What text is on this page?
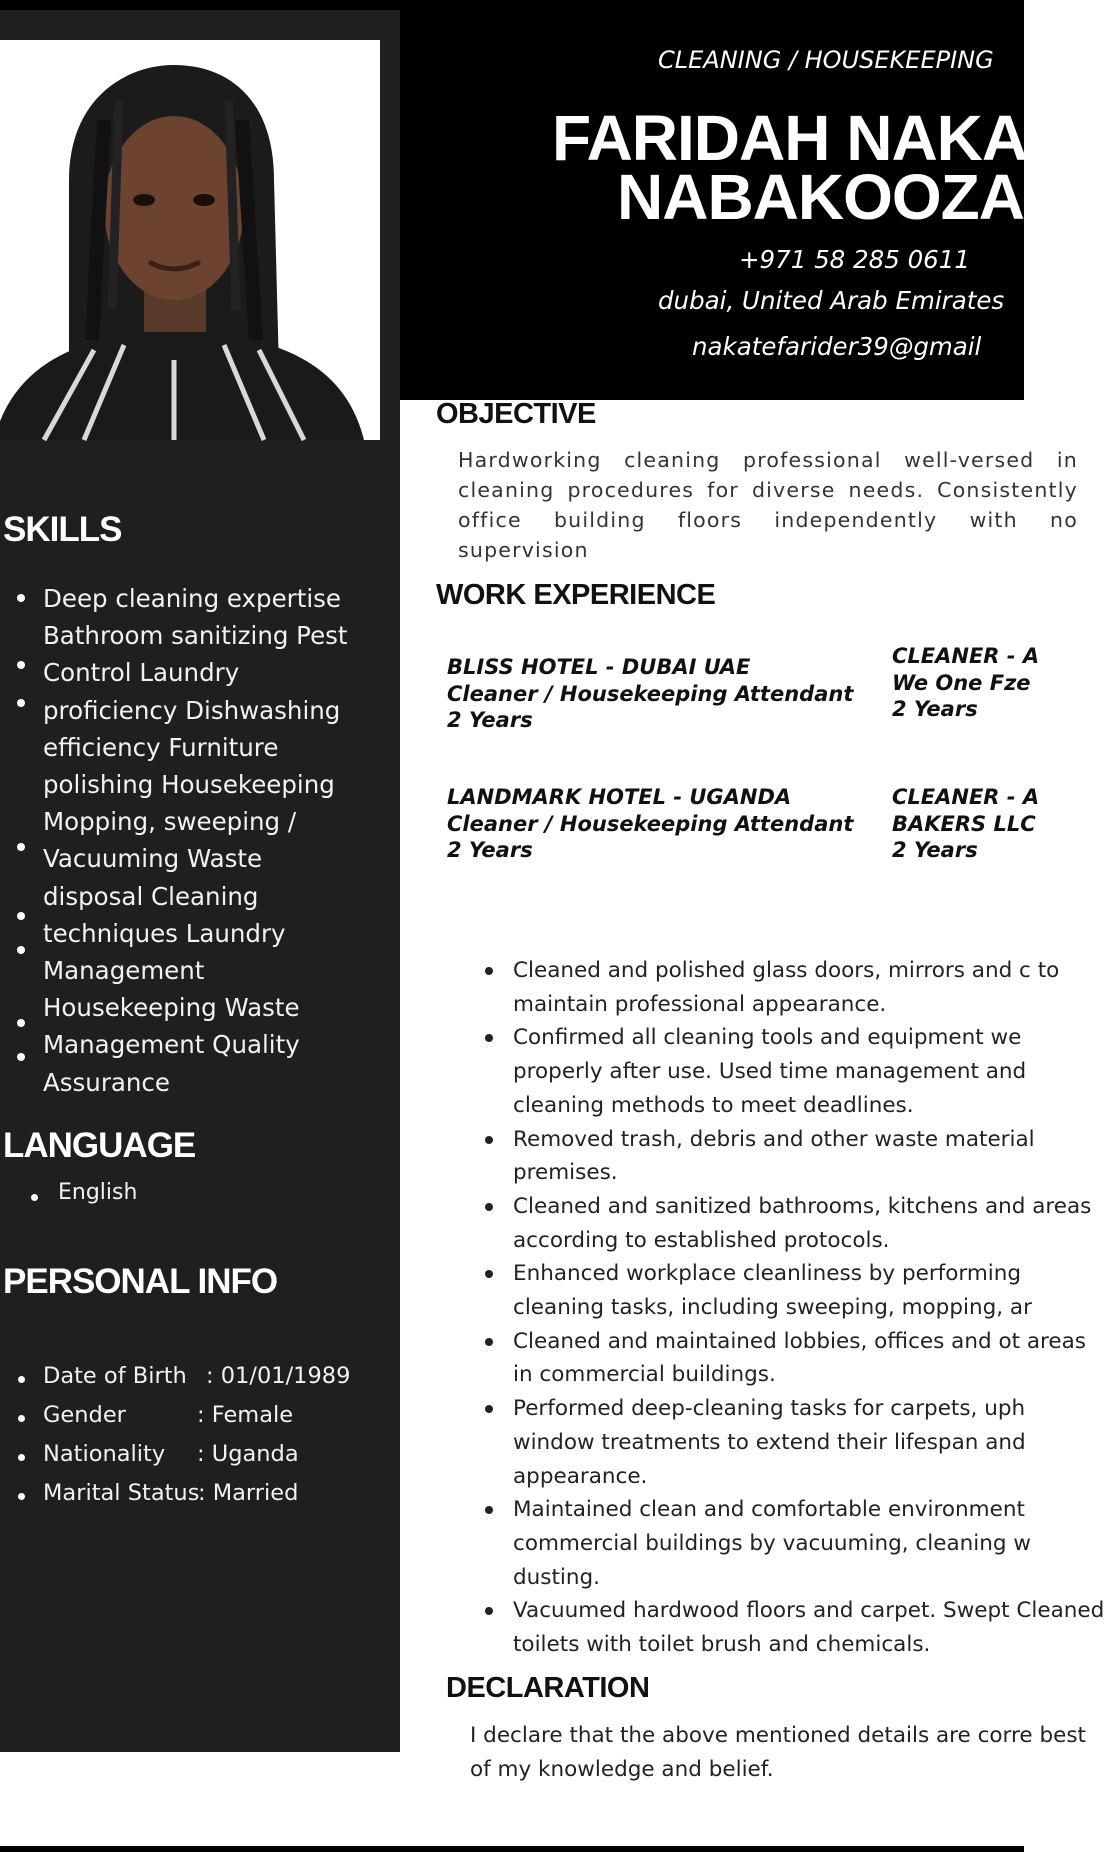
SKILLS
Deep cleaning expertise
Bathroom sanitizing Pest
Control Laundry
proficiency Dishwashing
efficiency Furniture
polishing Housekeeping
Mopping, sweeping /
Vacuuming Waste
disposal Cleaning
techniques Laundry
Management
Housekeeping Waste
Management Quality
Assurance
LANGUAGE
English
PERSONAL INFO
Date of Birth : 01/01/1989
Gender	: Female
Nationality : Uganda
Marital Status: Married
CLEANING / HOUSEKEEPING
FARIDAH NAKA
NABAKOOZA
+971 58 285 0611
dubai, United Arab Emirates
nakatefarider39@gmail
OBJECTIVE
Hardworking cleaning professional well-versed in cleaning procedures for diverse needs. Consistently office building floors independently with no supervision
WORK EXPERIENCE
BLISS HOTEL - DUBAI UAE
Cleaner / Housekeeping Attendant
2 Years
CLEANER - A
We One Fze
2 Years
LANDMARK HOTEL - UGANDA
Cleaner / Housekeeping Attendant
2 Years
CLEANER - A
BAKERS LLC
2 Years
Cleaned and polished glass doors, mirrors and c to maintain professional appearance.
Confirmed all cleaning tools and equipment we properly after use. Used time management and cleaning methods to meet deadlines.
Removed trash, debris and other waste material premises.
Cleaned and sanitized bathrooms, kitchens and areas according to established protocols.
Enhanced workplace cleanliness by performing cleaning tasks, including sweeping, mopping, ar
Cleaned and maintained lobbies, offices and ot areas in commercial buildings.
Performed deep-cleaning tasks for carpets, uph window treatments to extend their lifespan and appearance.
Maintained clean and comfortable environment commercial buildings by vacuuming, cleaning w dusting.
Vacuumed hardwood floors and carpet. Swept Cleaned toilets with toilet brush and chemicals.
DECLARATION
I declare that the above mentioned details are corre best of my knowledge and belief.
